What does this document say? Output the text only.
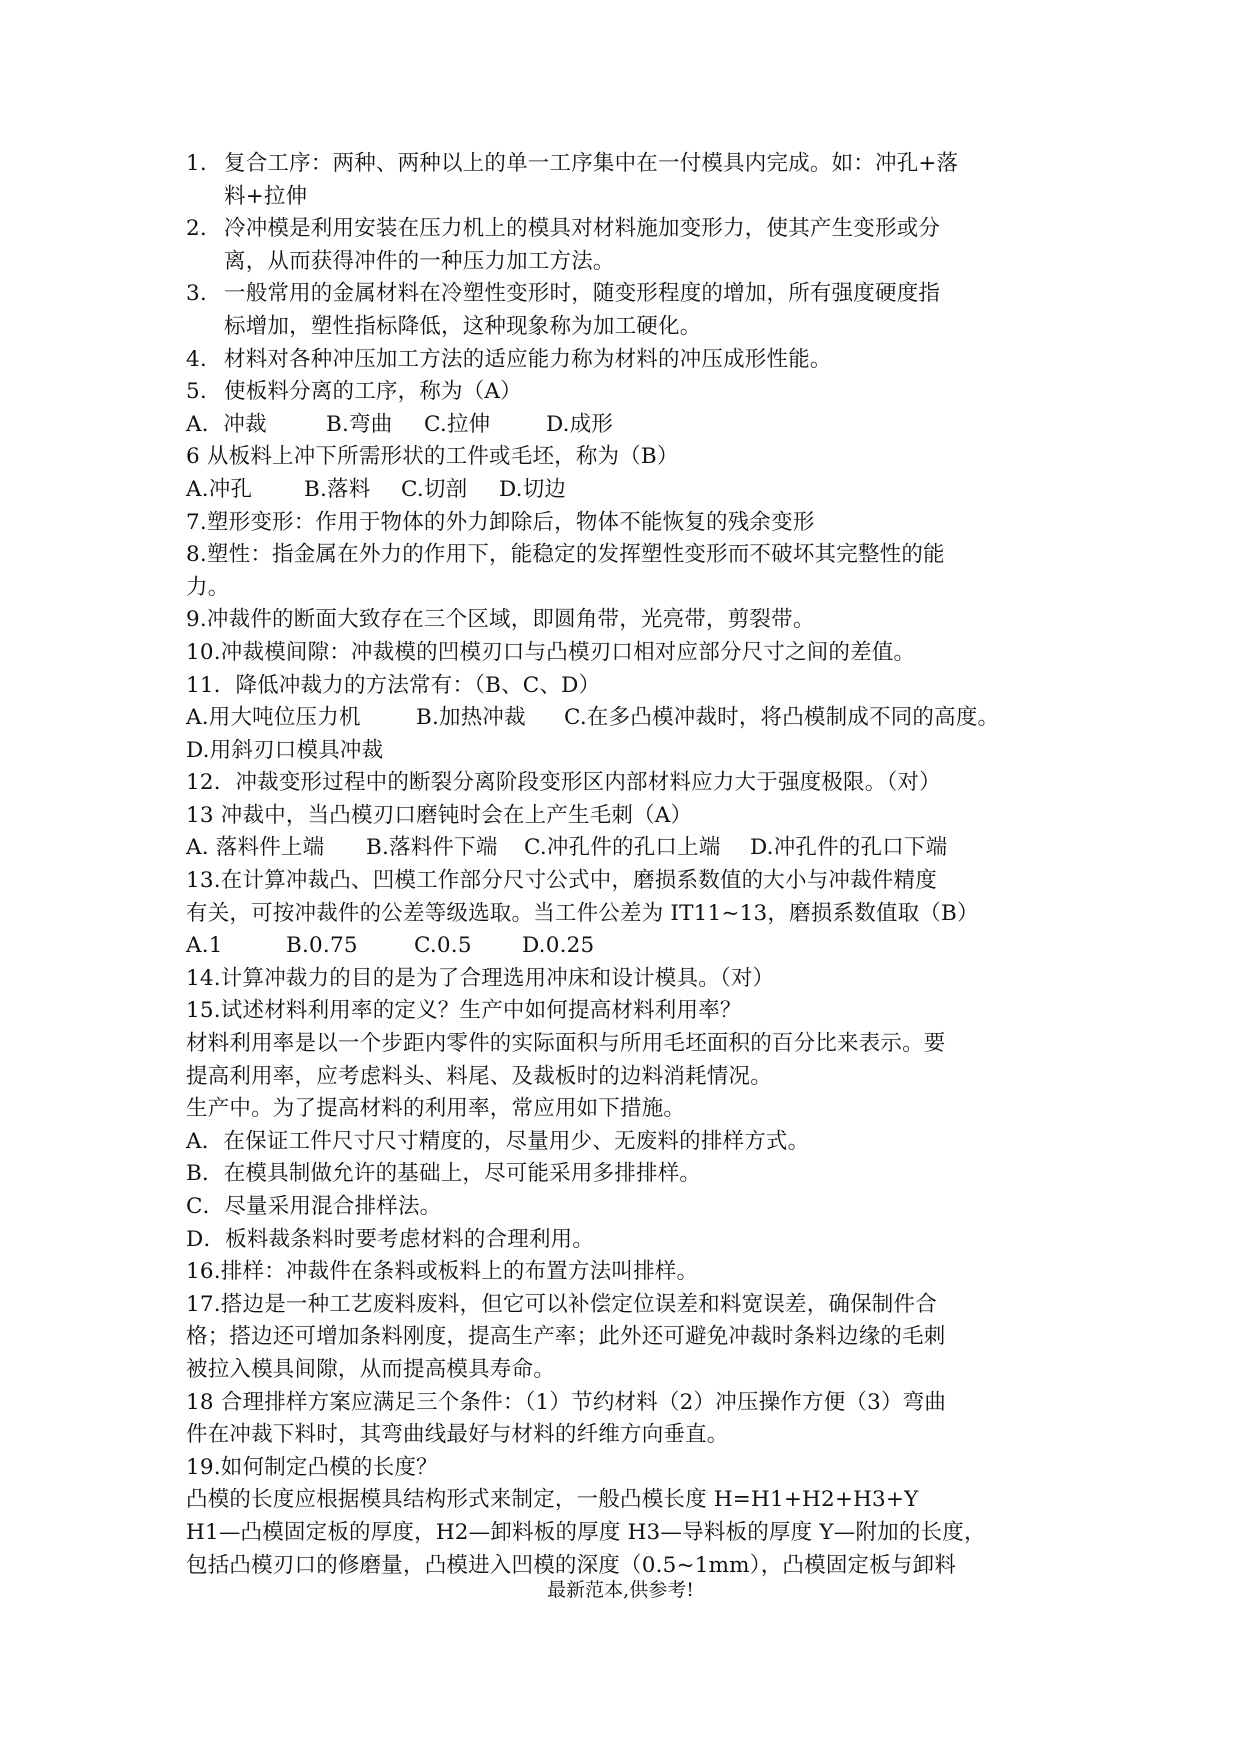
1. 复合工序：两种、两种以上的单一工序集中在一付模具内完成。如：冲孔+落
料+拉伸
2. 冷冲模是利用安装在压力机上的模具对材料施加变形力，使其产生变形或分
离，从而获得冲件的一种压力加工方法。
3. 一般常用的金属材料在冷塑性变形时，随变形程度的增加，所有强度硬度指
标增加，塑性指标降低，这种现象称为加工硬化。
4. 材料对各种冲压加工方法的适应能力称为材料的冲压成形性能。
5. 使板料分离的工序，称为（A）
A．冲裁	B.弯曲 C.拉伸	D.成形
6 从板料上冲下所需形状的工件或毛坯，称为（B）
A.冲孔 B.落料 C.切剖 D.切边
7.塑形变形：作用于物体的外力卸除后，物体不能恢复的残余变形
8.塑性：指金属在外力的作用下，能稳定的发挥塑性变形而不破坏其完整性的能
力。
9.冲裁件的断面大致存在三个区域，即圆角带，光亮带，剪裂带。
10.冲裁模间隙：冲裁模的凹模刃口与凸模刃口相对应部分尺寸之间的差值。
11．降低冲裁力的方法常有：（B、C、D）
A.用大吨位压力机	B.加热冲裁 C.在多凸模冲裁时，将凸模制成不同的高度。
D.用斜刃口模具冲裁
12．冲裁变形过程中的断裂分离阶段变形区内部材料应力大于强度极限。（对）
13 冲裁中，当凸模刃口磨钝时会在上产生毛刺（A）
A. 落料件上端 B.落料件下端 C.冲孔件的孔口上端 D.冲孔件的孔口下端
13.在计算冲裁凸、凹模工作部分尺寸公式中，磨损系数值的大小与冲裁件精度
有关，可按冲裁件的公差等级选取。当工件公差为 IT11~13，磨损系数值取（B）
A.1	B.0.75	C.0.5 D.0.25
14.计算冲裁力的目的是为了合理选用冲床和设计模具。（对）
15.试述材料利用率的定义？生产中如何提高材料利用率？
材料利用率是以一个步距内零件的实际面积与所用毛坯面积的百分比来表示。要
提高利用率，应考虑料头、料尾、及裁板时的边料消耗情况。
生产中。为了提高材料的利用率，常应用如下措施。
A．在保证工件尺寸尺寸精度的，尽量用少、无废料的排样方式。
B．在模具制做允许的基础上，尽可能采用多排排样。
C．尽量采用混合排样法。
D．板料裁条料时要考虑材料的合理利用。
16.排样：冲裁件在条料或板料上的布置方法叫排样。
17.搭边是一种工艺废料废料，但它可以补偿定位误差和料宽误差，确保制件合
格；搭边还可增加条料刚度，提高生产率；此外还可避免冲裁时条料边缘的毛刺
被拉入模具间隙，从而提高模具寿命。
18 合理排样方案应满足三个条件：（1）节约材料（2）冲压操作方便（3）弯曲
件在冲裁下料时，其弯曲线最好与材料的纤维方向垂直。
19.如何制定凸模的长度？
凸模的长度应根据模具结构形式来制定，一般凸模长度 H=H1+H2+H3+Y
H1—凸模固定板的厚度，H2—卸料板的厚度 H3—导料板的厚度 Y—附加的长度，
包括凸模刃口的修磨量，凸模进入凹模的深度（0.5~1mm），凸模固定板与卸料
最新范本,供参考!
